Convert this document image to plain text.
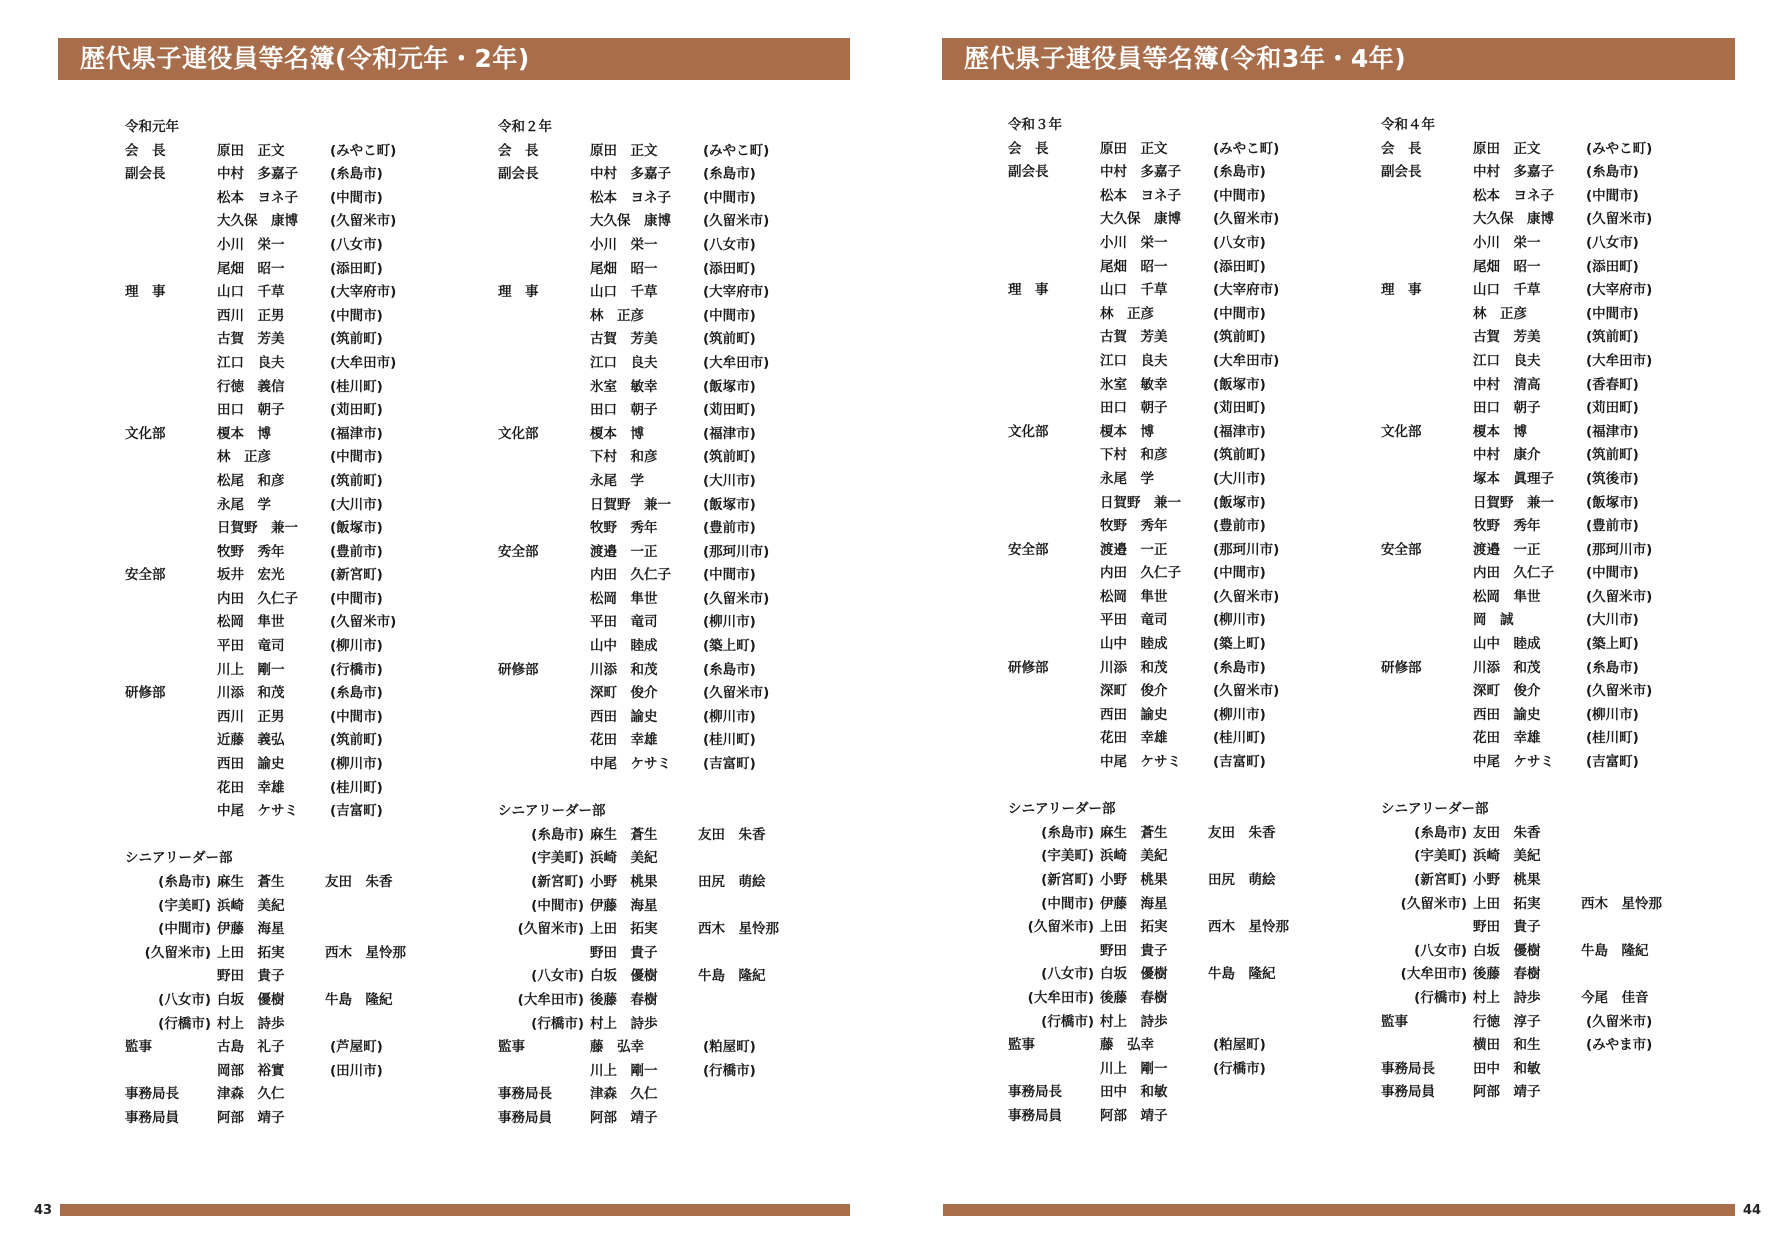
歴代県子連役員等名簿(令和元年・2年)	歴代県子連役員等名簿(令和3年・4年)
令和元年
会　長	原田　正文	(みやこ町)
副会長	中村　多嘉子 (糸島市)
松本　ヨネ子 (中間市)
大久保　康博 (久留米市)
小川　栄一	(八女市)
尾畑　昭一	(添田町)
理　事	山口　千草	(大宰府市)
西川　正男	(中間市)
古賀　芳美	(筑前町)
江口　良夫	(大牟田市)
行徳　義信	(桂川町)
田口　朝子	(苅田町)
文化部	榎本　博	(福津市)
林　正彦	(中間市)
松尾　和彦	(筑前町)
永尾　学	(大川市)
日賀野　兼一 (飯塚市)
牧野　秀年	(豊前市)
安全部	坂井　宏光	(新宮町)
内田　久仁子 (中間市)
松岡　隼世	(久留米市)
平田　竜司	(柳川市)
川上　剛一	(行橋市)
研修部	川添　和茂	(糸島市)
西川　正男	(中間市)
近藤　義弘	(筑前町)
西田　諭史	(柳川市)
花田　幸雄	(桂川町)
中尾　ケサミ (吉富町)
シニアリーダー部
(糸島市) 麻生　蒼生	友田　朱香
(宇美町) 浜崎　美紀
(中間市) 伊藤　海星
(久留米市) 上田　拓実	西木　星怜那
野田　貴子
(八女市) 白坂　優樹	牛島　隆紀
(行橋市) 村上　詩歩
監事	古島　礼子	(芦屋町)
岡部　裕實	(田川市)
事務局長	津森　久仁
事務局員	阿部　靖子
令和２年
会　長	原田　正文	(みやこ町)
副会長	中村　多嘉子 (糸島市)
松本　ヨネ子 (中間市)
大久保　康博 (久留米市)
小川　栄一	(八女市)
尾畑　昭一	(添田町)
理　事	山口　千草	(大宰府市)
林　正彦	(中間市)
古賀　芳美	(筑前町)
江口　良夫	(大牟田市)
氷室　敏幸	(飯塚市)
田口　朝子	(苅田町)
文化部	榎本　博	(福津市)
下村　和彦	(筑前町)
永尾　学	(大川市)
日賀野　兼一 (飯塚市)
牧野　秀年	(豊前市)
安全部	渡邉　一正	(那珂川市)
内田　久仁子 (中間市)
松岡　隼世	(久留米市)
平田　竜司	(柳川市)
山中　睦成	(築上町)
研修部	川添　和茂	(糸島市)
深町　俊介	(久留米市)
西田　諭史	(柳川市)
花田　幸雄	(桂川町)
中尾　ケサミ (吉富町)
シニアリーダー部
(糸島市) 麻生　蒼生	友田　朱香
(宇美町) 浜崎　美紀
(新宮町) 小野　桃果	田尻　萌絵
(中間市) 伊藤　海星
(久留米市) 上田　拓実	西木　星怜那
野田　貴子
(八女市) 白坂　優樹	牛島　隆紀
(大牟田市) 後藤　春樹
(行橋市) 村上　詩歩
監事	藤　弘幸	(粕屋町)
川上　剛一	(行橋市)
事務局長	津森　久仁
事務局員	阿部　靖子
令和３年
会　長	原田　正文	(みやこ町)
副会長	中村　多嘉子 (糸島市)
松本　ヨネ子 (中間市)
大久保　康博 (久留米市)
小川　栄一	(八女市)
尾畑　昭一	(添田町)
理　事	山口　千草	(大宰府市)
林　正彦	(中間市)
古賀　芳美	(筑前町)
江口　良夫	(大牟田市)
氷室　敏幸	(飯塚市)
田口　朝子	(苅田町)
文化部	榎本　博	(福津市)
下村　和彦	(筑前町)
永尾　学	(大川市)
日賀野　兼一 (飯塚市)
牧野　秀年	(豊前市)
安全部	渡邉　一正	(那珂川市)
内田　久仁子 (中間市)
松岡　隼世	(久留米市)
平田　竜司	(柳川市)
山中　睦成	(築上町)
研修部	川添　和茂	(糸島市)
深町　俊介	(久留米市)
西田　諭史	(柳川市)
花田　幸雄	(桂川町)
中尾　ケサミ (吉富町)
シニアリーダー部
(糸島市) 麻生　蒼生	友田　朱香
(宇美町) 浜崎　美紀
(新宮町) 小野　桃果	田尻　萌絵
(中間市) 伊藤　海星
(久留米市) 上田　拓実	西木　星怜那
野田　貴子
(八女市) 白坂　優樹	牛島　隆紀
(大牟田市) 後藤　春樹
(行橋市) 村上　詩歩
監事	藤　弘幸	(粕屋町)
川上　剛一	(行橋市)
事務局長	田中　和敏
事務局員	阿部　靖子
令和４年
会　長	原田　正文	(みやこ町)
副会長	中村　多嘉子 (糸島市)
松本　ヨネ子 (中間市)
大久保　康博 (久留米市)
小川　栄一	(八女市)
尾畑　昭一	(添田町)
理　事	山口　千草	(大宰府市)
林　正彦	(中間市)
古賀　芳美	(筑前町)
江口　良夫	(大牟田市)
中村　清高	(香春町)
田口　朝子	(苅田町)
文化部	榎本　博	(福津市)
中村　康介	(筑前町)
塚本　眞理子 (筑後市)
日賀野　兼一 (飯塚市)
牧野　秀年	(豊前市)
安全部	渡邉　一正	(那珂川市)
内田　久仁子 (中間市)
松岡　隼世	(久留米市)
岡　誠	(大川市)
山中　睦成	(築上町)
研修部	川添　和茂	(糸島市)
深町　俊介	(久留米市)
西田　諭史	(柳川市)
花田　幸雄	(桂川町)
中尾　ケサミ (吉富町)
シニアリーダー部
(糸島市) 友田　朱香
(宇美町) 浜崎　美紀
(新宮町) 小野　桃果
(久留米市) 上田　拓実	西木　星怜那
野田　貴子
(八女市) 白坂　優樹	牛島　隆紀
(大牟田市) 後藤　春樹
(行橋市) 村上　詩歩	今尾　佳音
監事	行徳　淳子	(久留米市)
横田　和生	(みやま市)
事務局長	田中　和敏
事務局員	阿部　靖子
43	44
